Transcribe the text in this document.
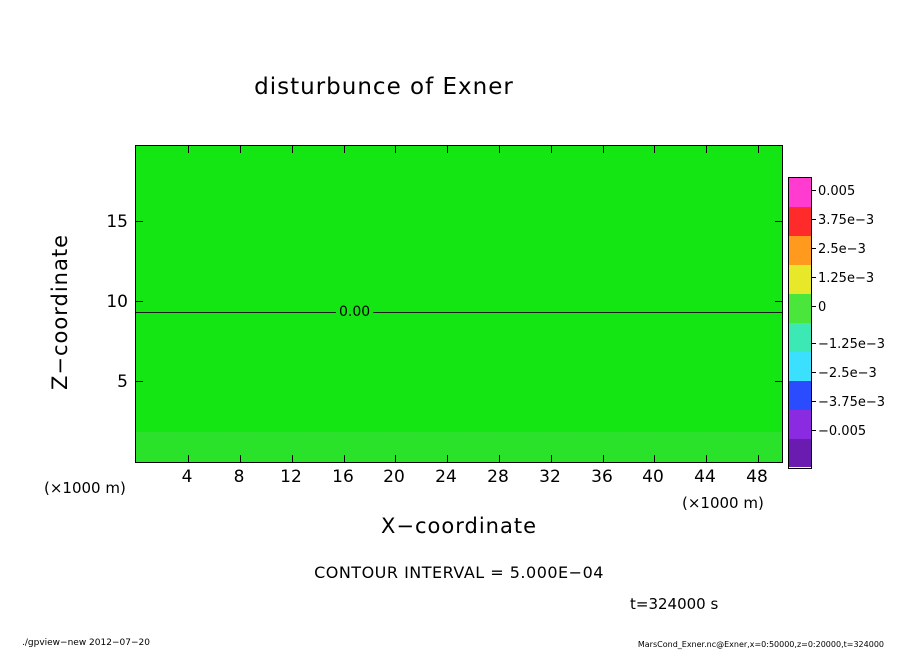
disturbunce of Exner
0.00
4	8	12	16	20	24	28	32	36	40	44	48
5
10
15
(×1000 m)
(×1000 m)
X−coordinate
Z−coordinate
CONTOUR INTERVAL = 5.000E−04
t=324000 s
0.005
3.75e−3
2.5e−3
1.25e−3
0
−1.25e−3
−2.5e−3
−3.75e−3
−0.005
./gpview−new 2012−07−20	MarsCond_Exner.nc@Exner,x=0:50000,z=0:20000,t=324000
